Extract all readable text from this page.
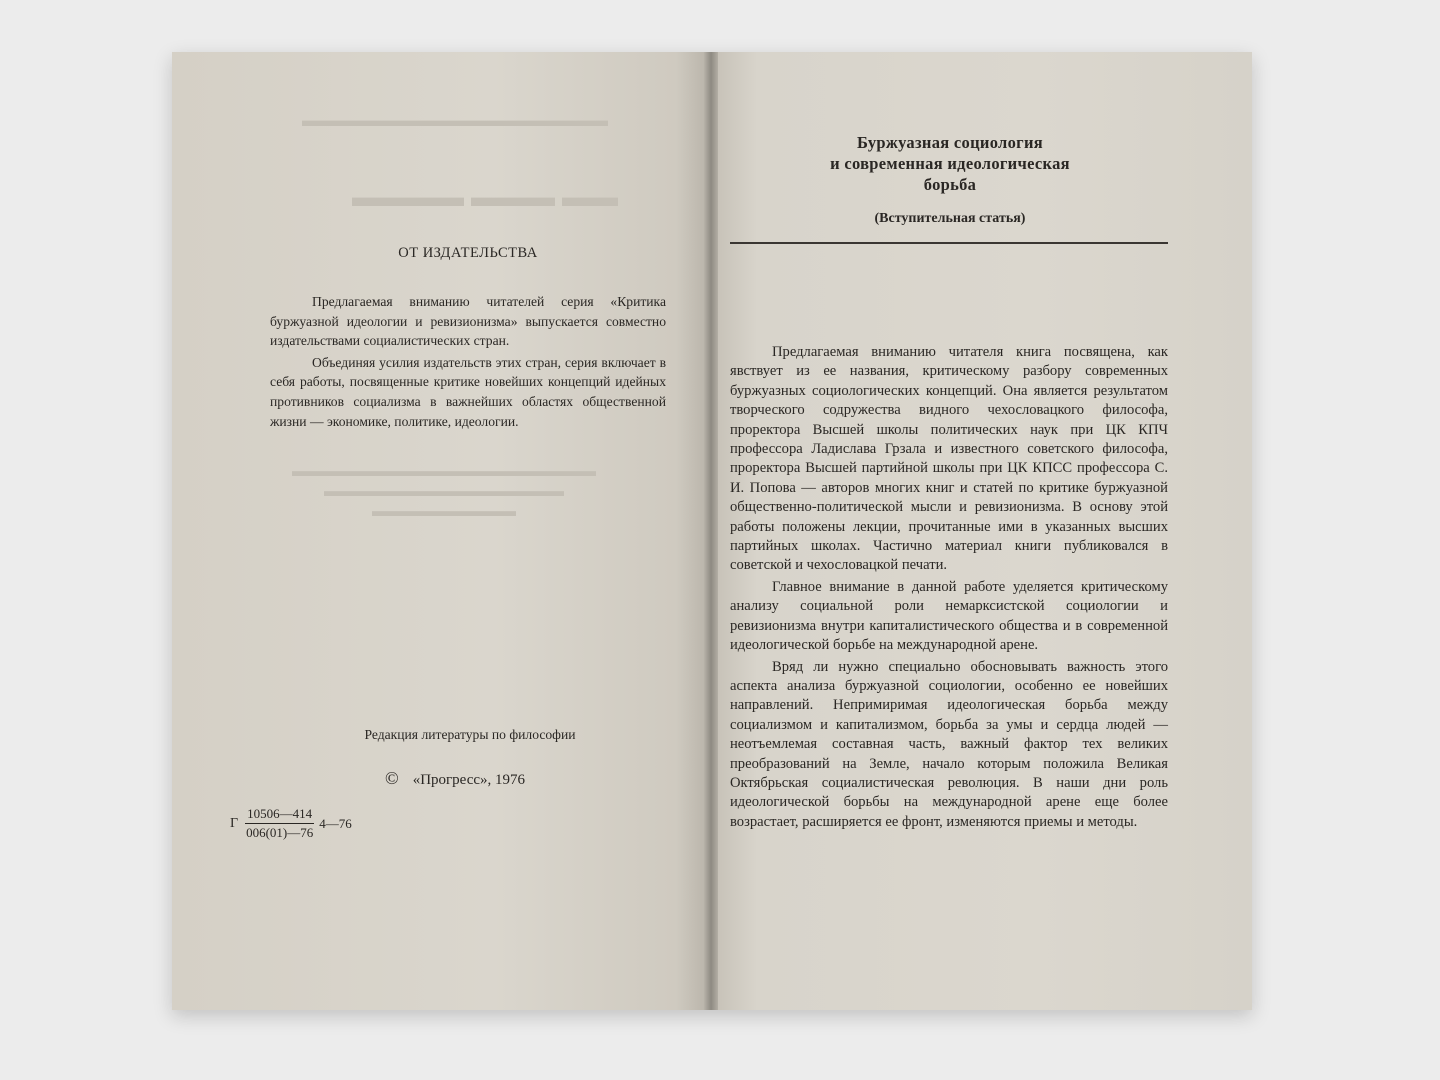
▬▬▬▬▬▬▬▬▬▬▬▬▬▬▬▬▬
▬▬ ▬▬▬ ▬▬▬▬
▬▬▬▬▬▬▬▬▬▬▬▬▬▬▬▬▬▬▬
▬▬▬▬▬▬▬▬▬▬▬▬▬▬▬
▬▬▬▬▬▬▬▬▬
ОТ ИЗДАТЕЛЬСТВА

Предлагаемая вниманию читателей серия «Критика буржуазной идеологии и ревизионизма» выпускается совместно издательствами социалистических стран.

Объединяя усилия издательств этих стран, серия включает в себя работы, посвященные критике новейших концепций идейных противников социализма в важнейших областях общественной жизни — экономике, политике, идеологии.

Редакция литературы по философии
© «Прогресс», 1976
Г $\frac{10506—414}{006(01)—76}$ 4—76
Буржуазная социология
и современная идеологическая
борьба
(Вступительная статья)

Предлагаемая вниманию читателя книга посвящена, как явствует из ее названия, критическому разбору современных буржуазных социологических концепций. Она является результатом творческого содружества видного чехословацкого философа, проректора Высшей школы политических наук при ЦК КПЧ профессора Ладислава Грзала и известного советского философа, проректора Высшей партийной школы при ЦК КПСС профессора С. И. Попова — авторов многих книг и статей по критике буржуазной общественно-политической мысли и ревизионизма. В основу этой работы положены лекции, прочитанные ими в указанных высших партийных школах. Частично материал книги публиковался в советской и чехословацкой печати.

Главное внимание в данной работе уделяется критическому анализу социальной роли немарксистской социологии и ревизионизма внутри капиталистического общества и в современной идеологической борьбе на международной арене.

Вряд ли нужно специально обосновывать важность этого аспекта анализа буржуазной социологии, особенно ее новейших направлений. Непримиримая идеологическая борьба между социализмом и капитализмом, борьба за умы и сердца людей — неотъемлемая составная часть, важный фактор тех великих преобразований на Земле, начало которым положила Великая Октябрьская социалистическая революция. В наши дни роль идеологической борьбы на международной арене еще более возрастает, расширяется ее фронт, изменяются приемы и методы.
